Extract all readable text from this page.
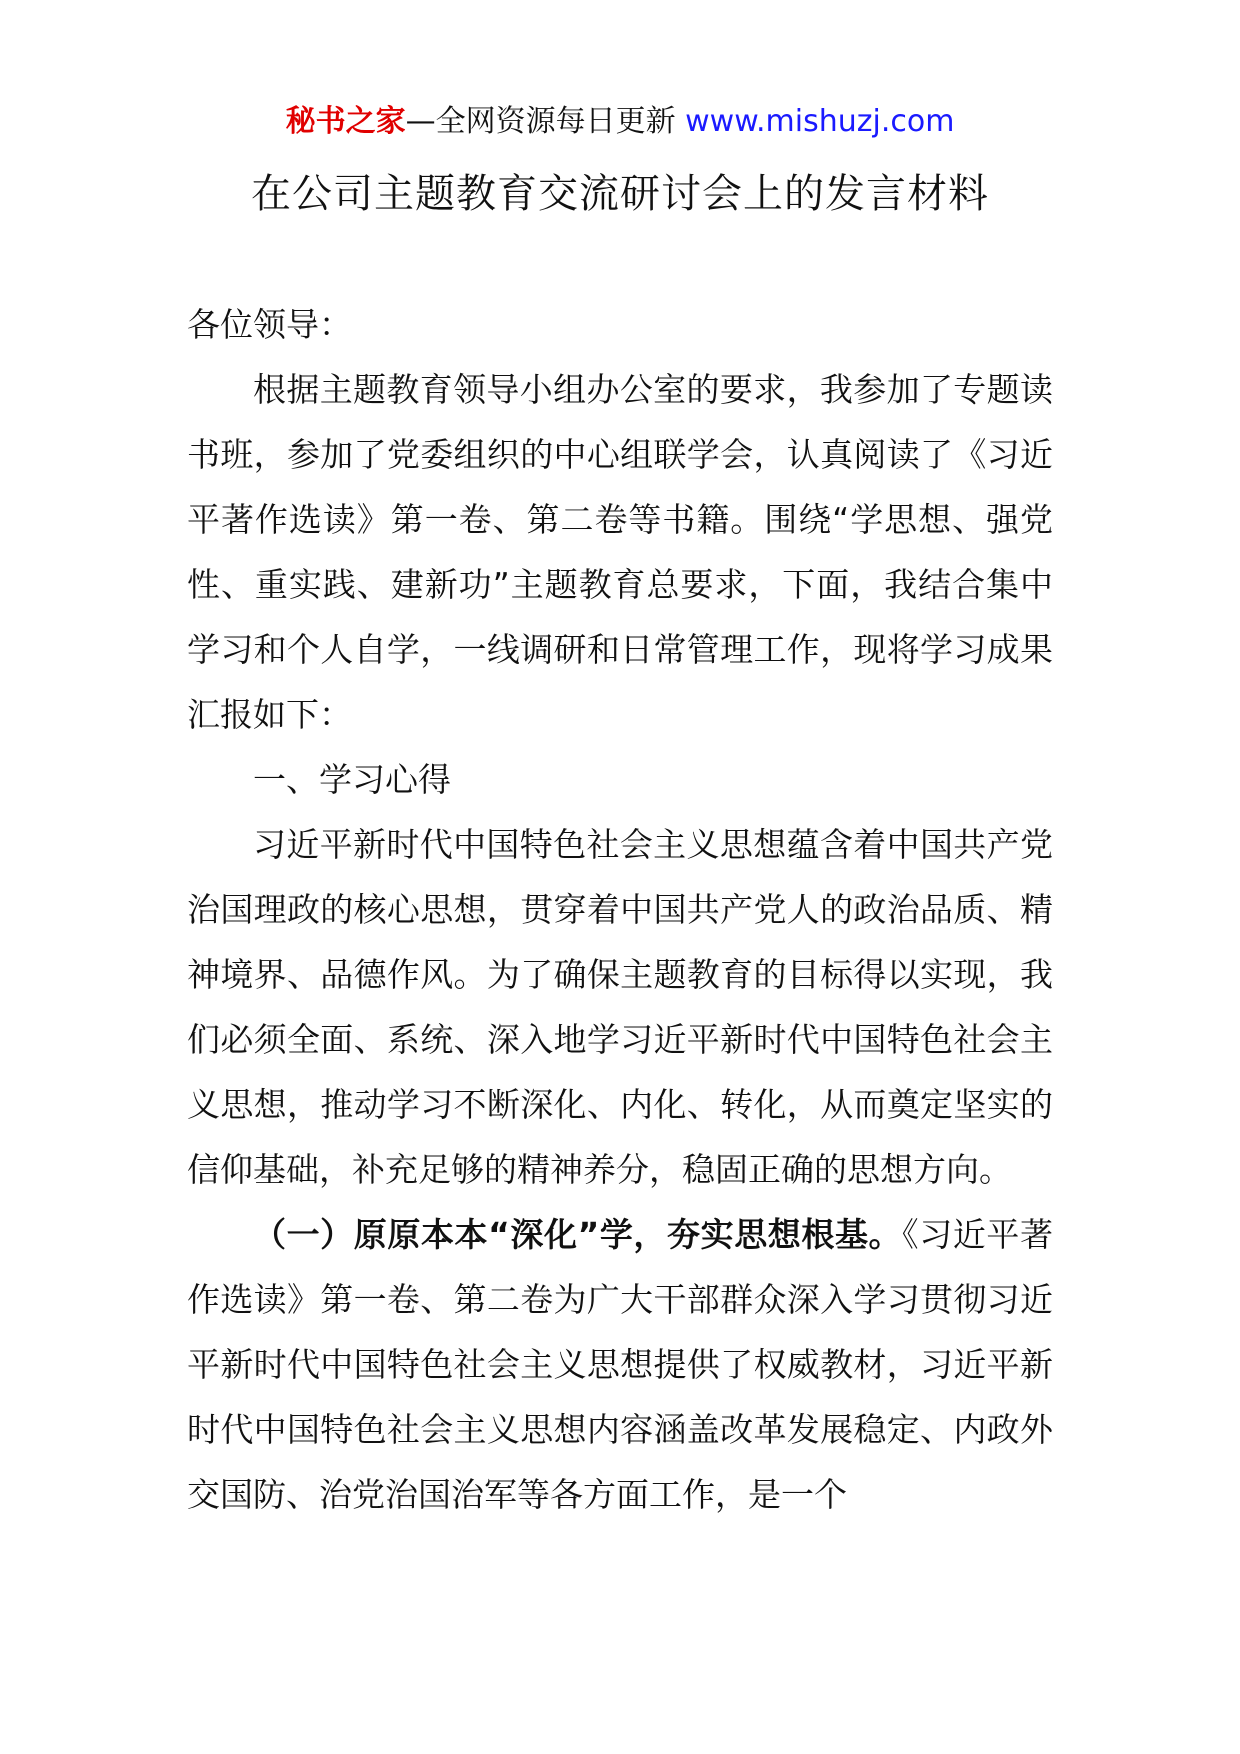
秘书之家—全网资源每日更新 www.mishuzj.com
在公司主题教育交流研讨会上的发言材料

各位领导：

根据主题教育领导小组办公室的要求，我参加了专题读书班，参加了党委组织的中心组联学会，认真阅读了《习近平著作选读》第一卷、第二卷等书籍。围绕“学思想、强党性、重实践、建新功”主题教育总要求，下面，我结合集中学习和个人自学，一线调研和日常管理工作，现将学习成果汇报如下：

一、学习心得

习近平新时代中国特色社会主义思想蕴含着中国共产党治国理政的核心思想，贯穿着中国共产党人的政治品质、精神境界、品德作风。为了确保主题教育的目标得以实现，我们必须全面、系统、深入地学习近平新时代中国特色社会主义思想，推动学习不断深化、内化、转化，从而奠定坚实的信仰基础，补充足够的精神养分，稳固正确的思想方向。

（一）原原本本“深化”学，夯实思想根基。《习近平著作选读》第一卷、第二卷为广大干部群众深入学习贯彻习近平新时代中国特色社会主义思想提供了权威教材，习近平新时代中国特色社会主义思想内容涵盖改革发展稳定、内政外交国防、治党治国治军等各方面工作，是一个
